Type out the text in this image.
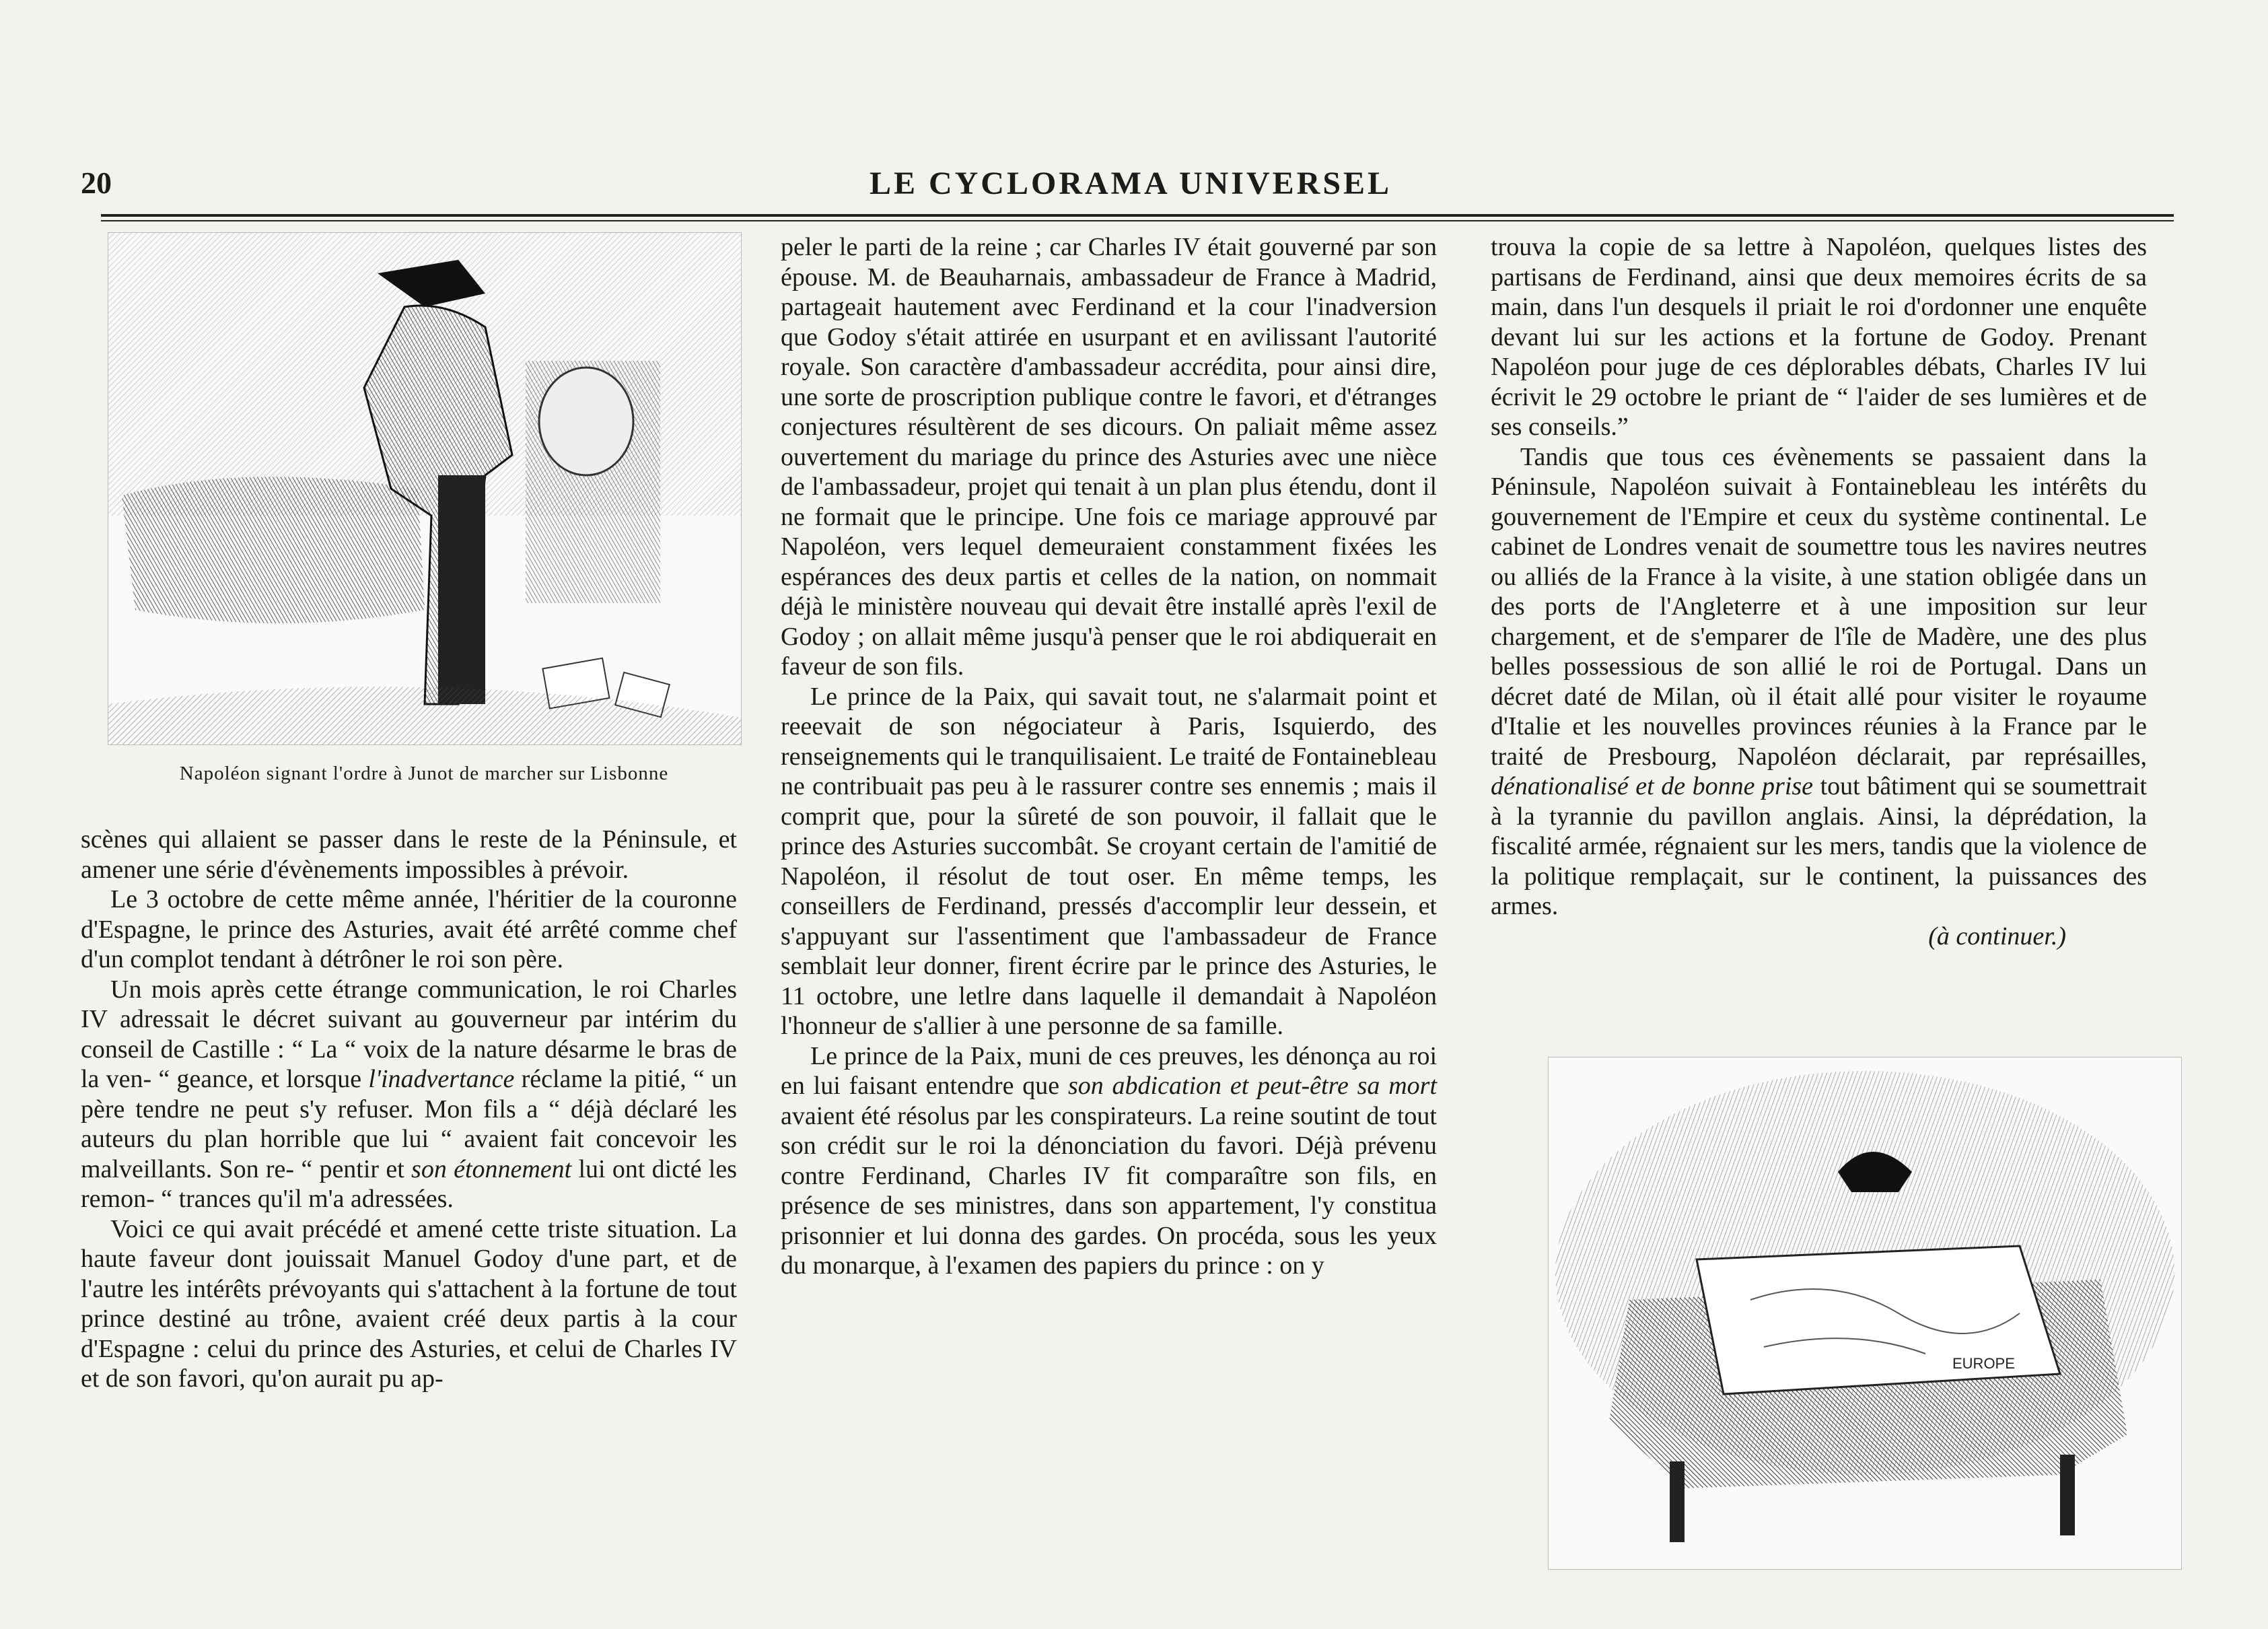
20	LE CYCLORAMA UNIVERSEL
Napoléon signant l'ordre à Junot de marcher sur Lisbonne

scènes qui allaient se passer dans le reste de la Péninsule, et amener une série d'évènements impossibles à prévoir.

Le 3 octobre de cette même année, l'héritier de la couronne d'Espagne, le prince des Asturies, avait été arrêté comme chef d'un complot tendant à détrôner le roi son père.

Un mois après cette étrange communication, le roi Charles IV adressait le décret suivant au gouverneur par intérim du conseil de Castille : “ La “ voix de la nature désarme le bras de la ven- “ geance, et lorsque l'inadvertance réclame la pitié, “ un père tendre ne peut s'y refuser. Mon fils a “ déjà déclaré les auteurs du plan horrible que lui “ avaient fait concevoir les malveillants. Son re- “ pentir et son étonnement lui ont dicté les remon- “ trances qu'il m'a adressées.

Voici ce qui avait précédé et amené cette triste situation. La haute faveur dont jouissait Manuel Godoy d'une part, et de l'autre les intérêts prévoyants qui s'attachent à la fortune de tout prince destiné au trône, avaient créé deux partis à la cour d'Espagne : celui du prince des Asturies, et celui de Charles IV et de son favori, qu'on aurait pu ap-

peler le parti de la reine ; car Charles IV était gouverné par son épouse. M. de Beauharnais, ambassadeur de France à Madrid, partageait hautement avec Ferdinand et la cour l'inadversion que Godoy s'était attirée en usurpant et en avilissant l'autorité royale. Son caractère d'ambassadeur accrédita, pour ainsi dire, une sorte de proscription publique contre le favori, et d'étranges conjectures résultèrent de ses dicours. On paliait même assez ouvertement du mariage du prince des Asturies avec une nièce de l'ambassadeur, projet qui tenait à un plan plus étendu, dont il ne formait que le principe. Une fois ce mariage approuvé par Napoléon, vers lequel demeuraient constamment fixées les espérances des deux partis et celles de la nation, on nommait déjà le ministère nouveau qui devait être installé après l'exil de Godoy ; on allait même jusqu'à penser que le roi abdiquerait en faveur de son fils.

Le prince de la Paix, qui savait tout, ne s'alarmait point et reeevait de son négociateur à Paris, Isquierdo, des renseignements qui le tranquilisaient. Le traité de Fontainebleau ne contribuait pas peu à le rassurer contre ses ennemis ; mais il comprit que, pour la sûreté de son pouvoir, il fallait que le prince des Asturies succombât. Se croyant certain de l'amitié de Napoléon, il résolut de tout oser. En même temps, les conseillers de Ferdinand, pressés d'accomplir leur dessein, et s'appuyant sur l'assentiment que l'ambassadeur de France semblait leur donner, firent écrire par le prince des Asturies, le 11 octobre, une letlre dans laquelle il demandait à Napoléon l'honneur de s'allier à une personne de sa famille.

Le prince de la Paix, muni de ces preuves, les dénonça au roi en lui faisant entendre que son abdication et peut-être sa mort avaient été résolus par les conspirateurs. La reine soutint de tout son crédit sur le roi la dénonciation du favori. Déjà prévenu contre Ferdinand, Charles IV fit comparaître son fils, en présence de ses ministres, dans son appartement, l'y constitua prisonnier et lui donna des gardes. On procéda, sous les yeux du monarque, à l'examen des papiers du prince : on y

trouva la copie de sa lettre à Napoléon, quelques listes des partisans de Ferdinand, ainsi que deux memoires écrits de sa main, dans l'un desquels il priait le roi d'ordonner une enquête devant lui sur les actions et la fortune de Godoy. Prenant Napoléon pour juge de ces déplorables débats, Charles IV lui écrivit le 29 octobre le priant de “ l'aider de ses lumières et de ses conseils.”

Tandis que tous ces évènements se passaient dans la Péninsule, Napoléon suivait à Fontainebleau les intérêts du gouvernement de l'Empire et ceux du système continental. Le cabinet de Londres venait de soumettre tous les navires neutres ou alliés de la France à la visite, à une station obligée dans un des ports de l'Angleterre et à une imposition sur leur chargement, et de s'emparer de l'île de Madère, une des plus belles possessious de son allié le roi de Portugal. Dans un décret daté de Milan, où il était allé pour visiter le royaume d'Italie et les nouvelles provinces réunies à la France par le traité de Presbourg, Napoléon déclarait, par représailles, dénationalisé et de bonne prise tout bâtiment qui se soumettrait à la tyrannie du pavillon anglais. Ainsi, la déprédation, la fiscalité armée, régnaient sur les mers, tandis que la violence de la politique remplaçait, sur le continent, la puissances des armes.

(à continuer.)

EUROPE
